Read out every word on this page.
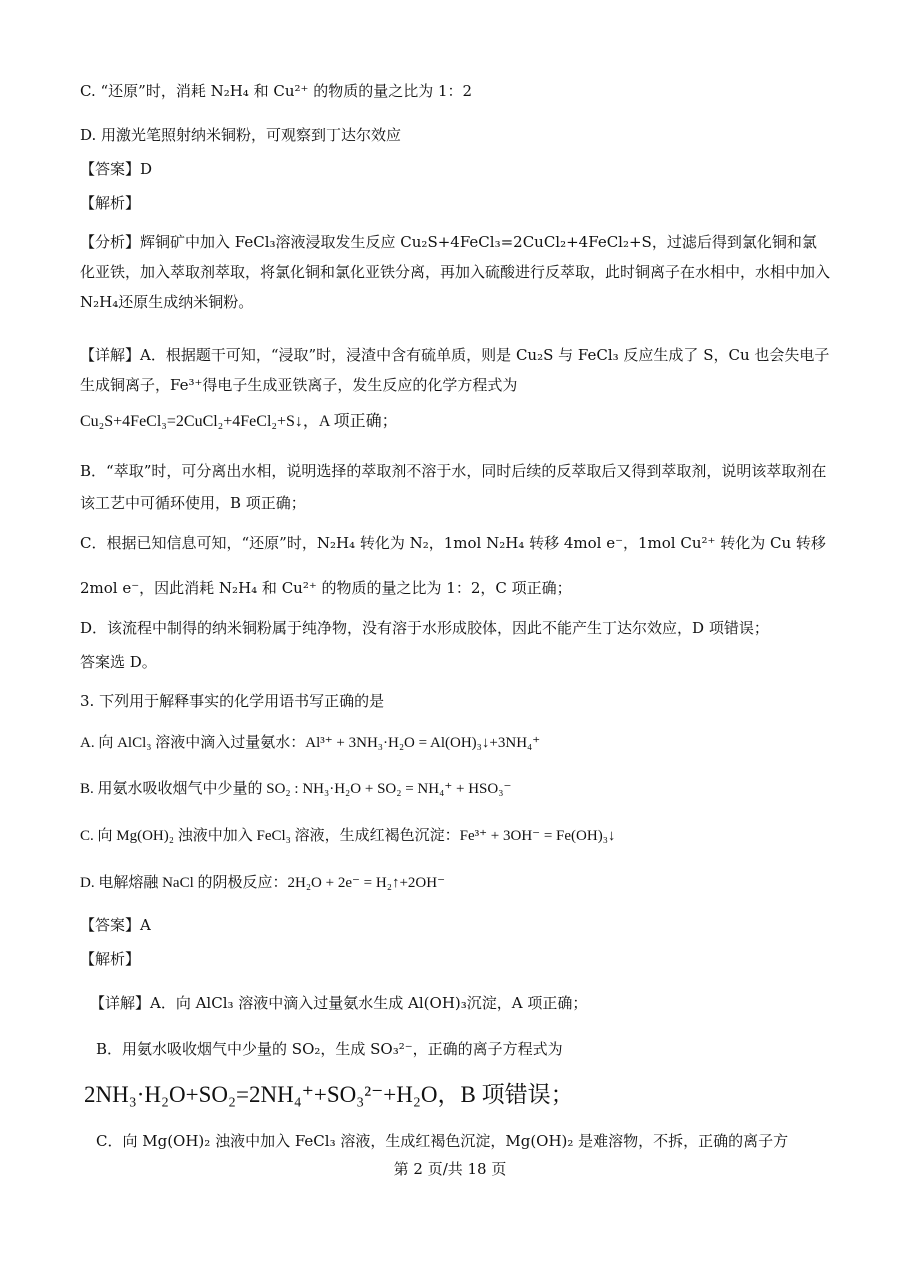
C. “还原”时，消耗 N₂H₄ 和 Cu²⁺ 的物质的量之比为 1：2
D. 用激光笔照射纳米铜粉，可观察到丁达尔效应
【答案】D
【解析】
【分析】辉铜矿中加入 FeCl₃溶液浸取发生反应 Cu₂S+4FeCl₃=2CuCl₂+4FeCl₂+S，过滤后得到氯化铜和氯化亚铁，加入萃取剂萃取，将氯化铜和氯化亚铁分离，再加入硫酸进行反萃取，此时铜离子在水相中，水相中加入 N₂H₄还原生成纳米铜粉。
【详解】A．根据题干可知，“浸取”时，浸渣中含有硫单质，则是 Cu₂S 与 FeCl₃ 反应生成了 S，Cu 也会失电子生成铜离子，Fe³⁺得电子生成亚铁离子，发生反应的化学方程式为
Cu₂S+4FeCl₃=2CuCl₂+4FeCl₂+S↓，A 项正确；
B．“萃取”时，可分离出水相，说明选择的萃取剂不溶于水，同时后续的反萃取后又得到萃取剂，说明该萃取剂在该工艺中可循环使用，B 项正确；
C．根据已知信息可知，“还原”时，N₂H₄ 转化为 N₂，1mol N₂H₄ 转移 4mol e⁻，1mol Cu²⁺ 转化为 Cu 转移
2mol e⁻，因此消耗 N₂H₄ 和 Cu²⁺ 的物质的量之比为 1：2，C 项正确；
D．该流程中制得的纳米铜粉属于纯净物，没有溶于水形成胶体，因此不能产生丁达尔效应，D 项错误；
答案选 D。
3. 下列用于解释事实的化学用语书写正确的是
A. 向 AlCl₃ 溶液中滴入过量氨水：Al³⁺ + 3NH₃·H₂O = Al(OH)₃↓+3NH₄⁺
B. 用氨水吸收烟气中少量的 SO₂ : NH₃·H₂O + SO₂ = NH₄⁺ + HSO₃⁻
C. 向 Mg(OH)₂ 浊液中加入 FeCl₃ 溶液，生成红褐色沉淀：Fe³⁺ + 3OH⁻ = Fe(OH)₃↓
D. 电解熔融 NaCl 的阴极反应：2H₂O + 2e⁻ = H₂↑+2OH⁻
【答案】A
【解析】
【详解】A．向 AlCl₃ 溶液中滴入过量氨水生成 Al(OH)₃沉淀，A 项正确；
B．用氨水吸收烟气中少量的 SO₂，生成 SO₃²⁻，正确的离子方程式为
2NH₃·H₂O+SO₂=2NH₄⁺+SO₃²⁻+H₂O，B 项错误；
C．向 Mg(OH)₂ 浊液中加入 FeCl₃ 溶液，生成红褐色沉淀，Mg(OH)₂ 是难溶物，不拆，正确的离子方
第 2 页/共 18 页
